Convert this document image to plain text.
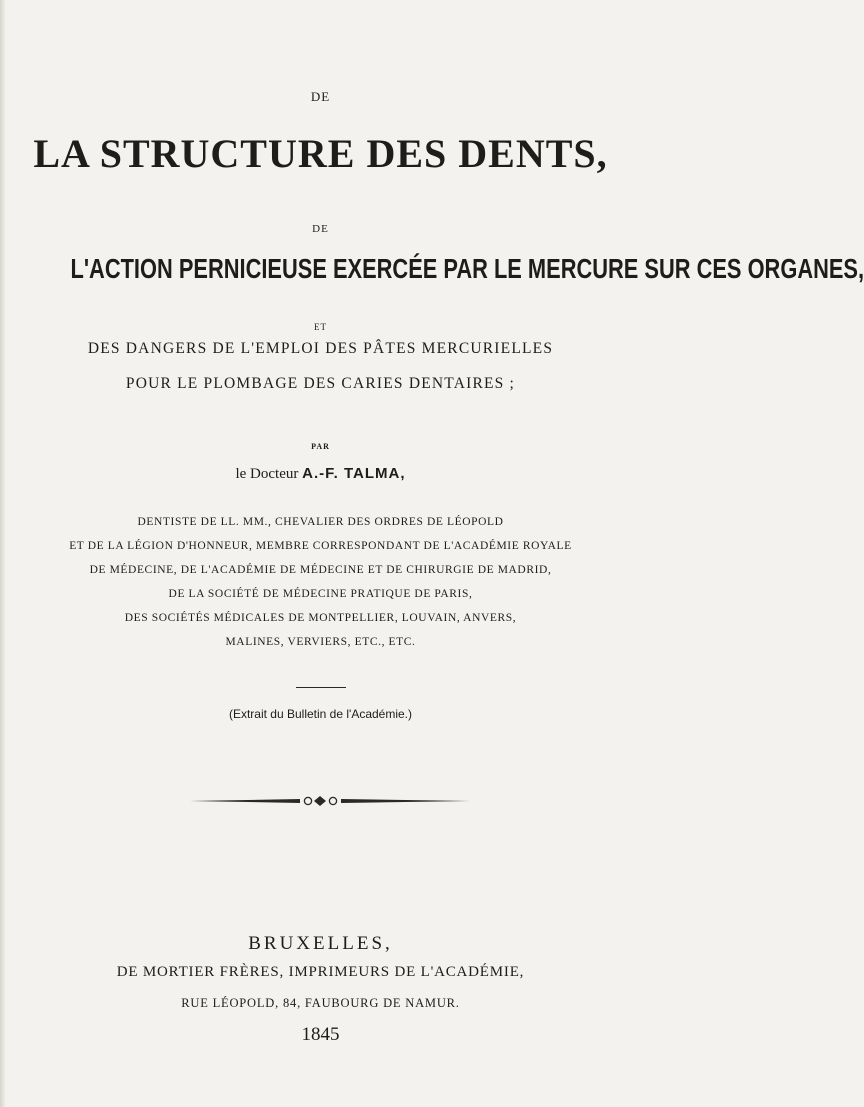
DE
LA STRUCTURE DES DENTS,
DE
L'ACTION PERNICIEUSE EXERCÉE PAR LE MERCURE SUR CES ORGANES,
ET
DES DANGERS DE L'EMPLOI DES PÂTES MERCURIELLES
POUR LE PLOMBAGE DES CARIES DENTAIRES ;
PAR
le Docteur A.-F. TALMA,
DENTISTE DE LL. MM., CHEVALIER DES ORDRES DE LÉOPOLD
ET DE LA LÉGION D'HONNEUR, MEMBRE CORRESPONDANT DE L'ACADÉMIE ROYALE
DE MÉDECINE, DE L'ACADÉMIE DE MÉDECINE ET DE CHIRURGIE DE MADRID,
DE LA SOCIÉTÉ DE MÉDECINE PRATIQUE DE PARIS,
DES SOCIÉTÉS MÉDICALES DE MONTPELLIER, LOUVAIN, ANVERS,
MALINES, VERVIERS, ETC., ETC.
(Extrait du Bulletin de l'Académie.)
BRUXELLES,
DE MORTIER FRÈRES, IMPRIMEURS DE L'ACADÉMIE,
RUE LÉOPOLD, 84, FAUBOURG DE NAMUR.
1845
